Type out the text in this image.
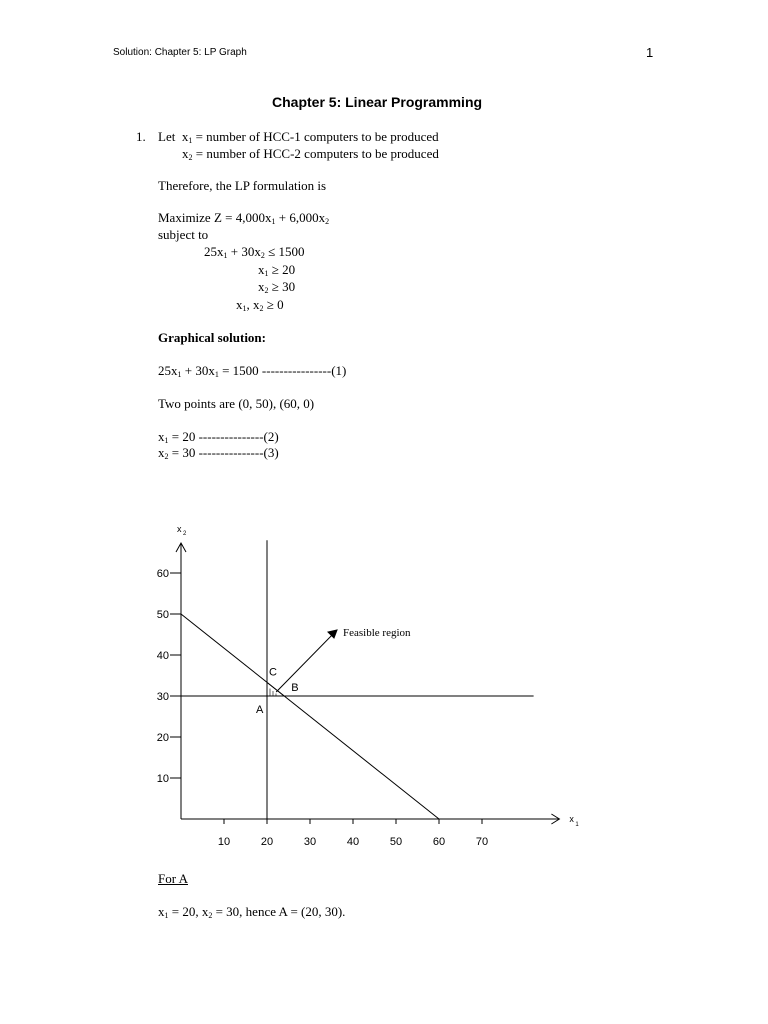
Solution: Chapter 5: LP Graph	1
Chapter 5: Linear Programming
1. Let $x_1$ = number of HCC-1 computers to be produced
$x_2$ = number of HCC-2 computers to be produced
Therefore, the LP formulation is
Maximize $Z = 4,000x_1 + 6,000x_2$
subject to
$25x_1 + 30x_2 \le 1500$
$x_1 \ge 20$
$x_2 \ge 30$
$x_1$, $x_2 \ge 0$
Graphical solution:
$25x_1 + 30x_1 = 1500$ ----------------(1)
Two points are (0, 50), (60, 0)
$x_1 = 20$ ---------------(2)
$x_2 = 30$ ---------------(3)
x
1
x 2
10	20	30	40	50	60	70
10
20
30
40
50
60
A
B
C
Feasible region
For A
$x_1 = 20$, $x_2 = 30$, hence A = (20, 30).
